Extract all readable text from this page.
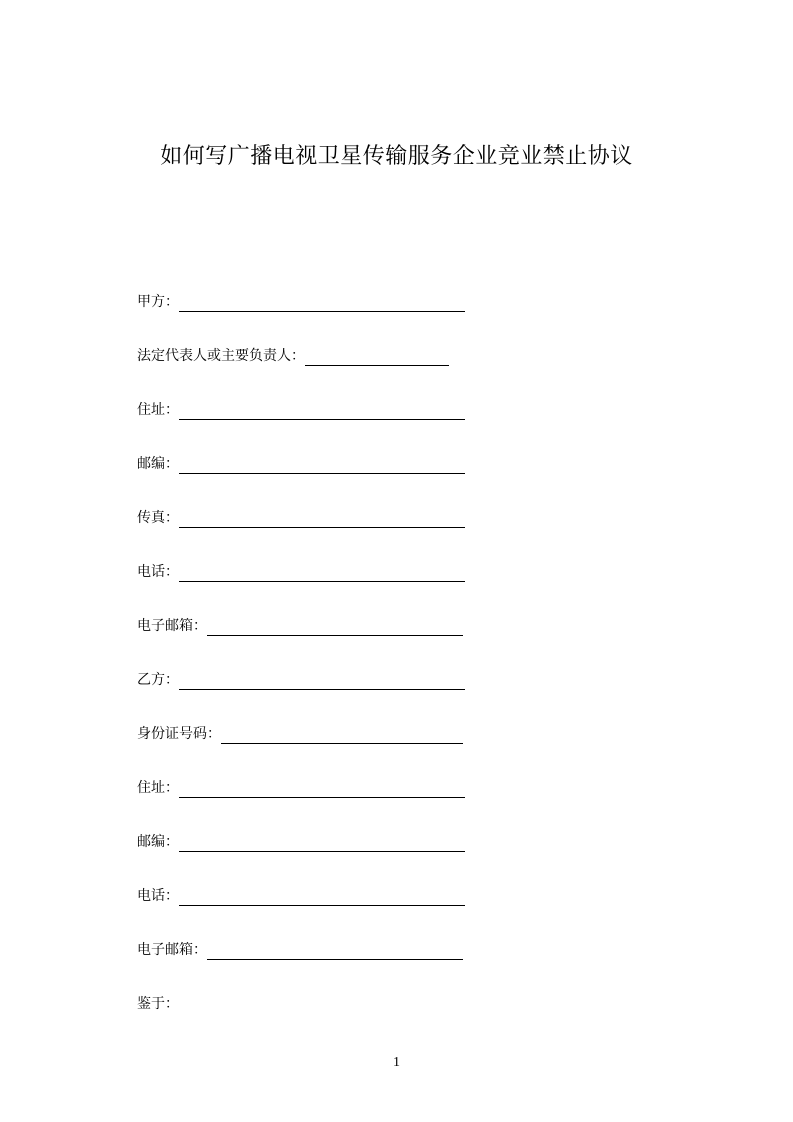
如何写广播电视卫星传输服务企业竞业禁止协议
甲方：
法定代表人或主要负责人：
住址：
邮编：
传真：
电话：
电子邮箱：
乙方：
身份证号码：
住址：
邮编：
电话：
电子邮箱：
鉴于：
1
